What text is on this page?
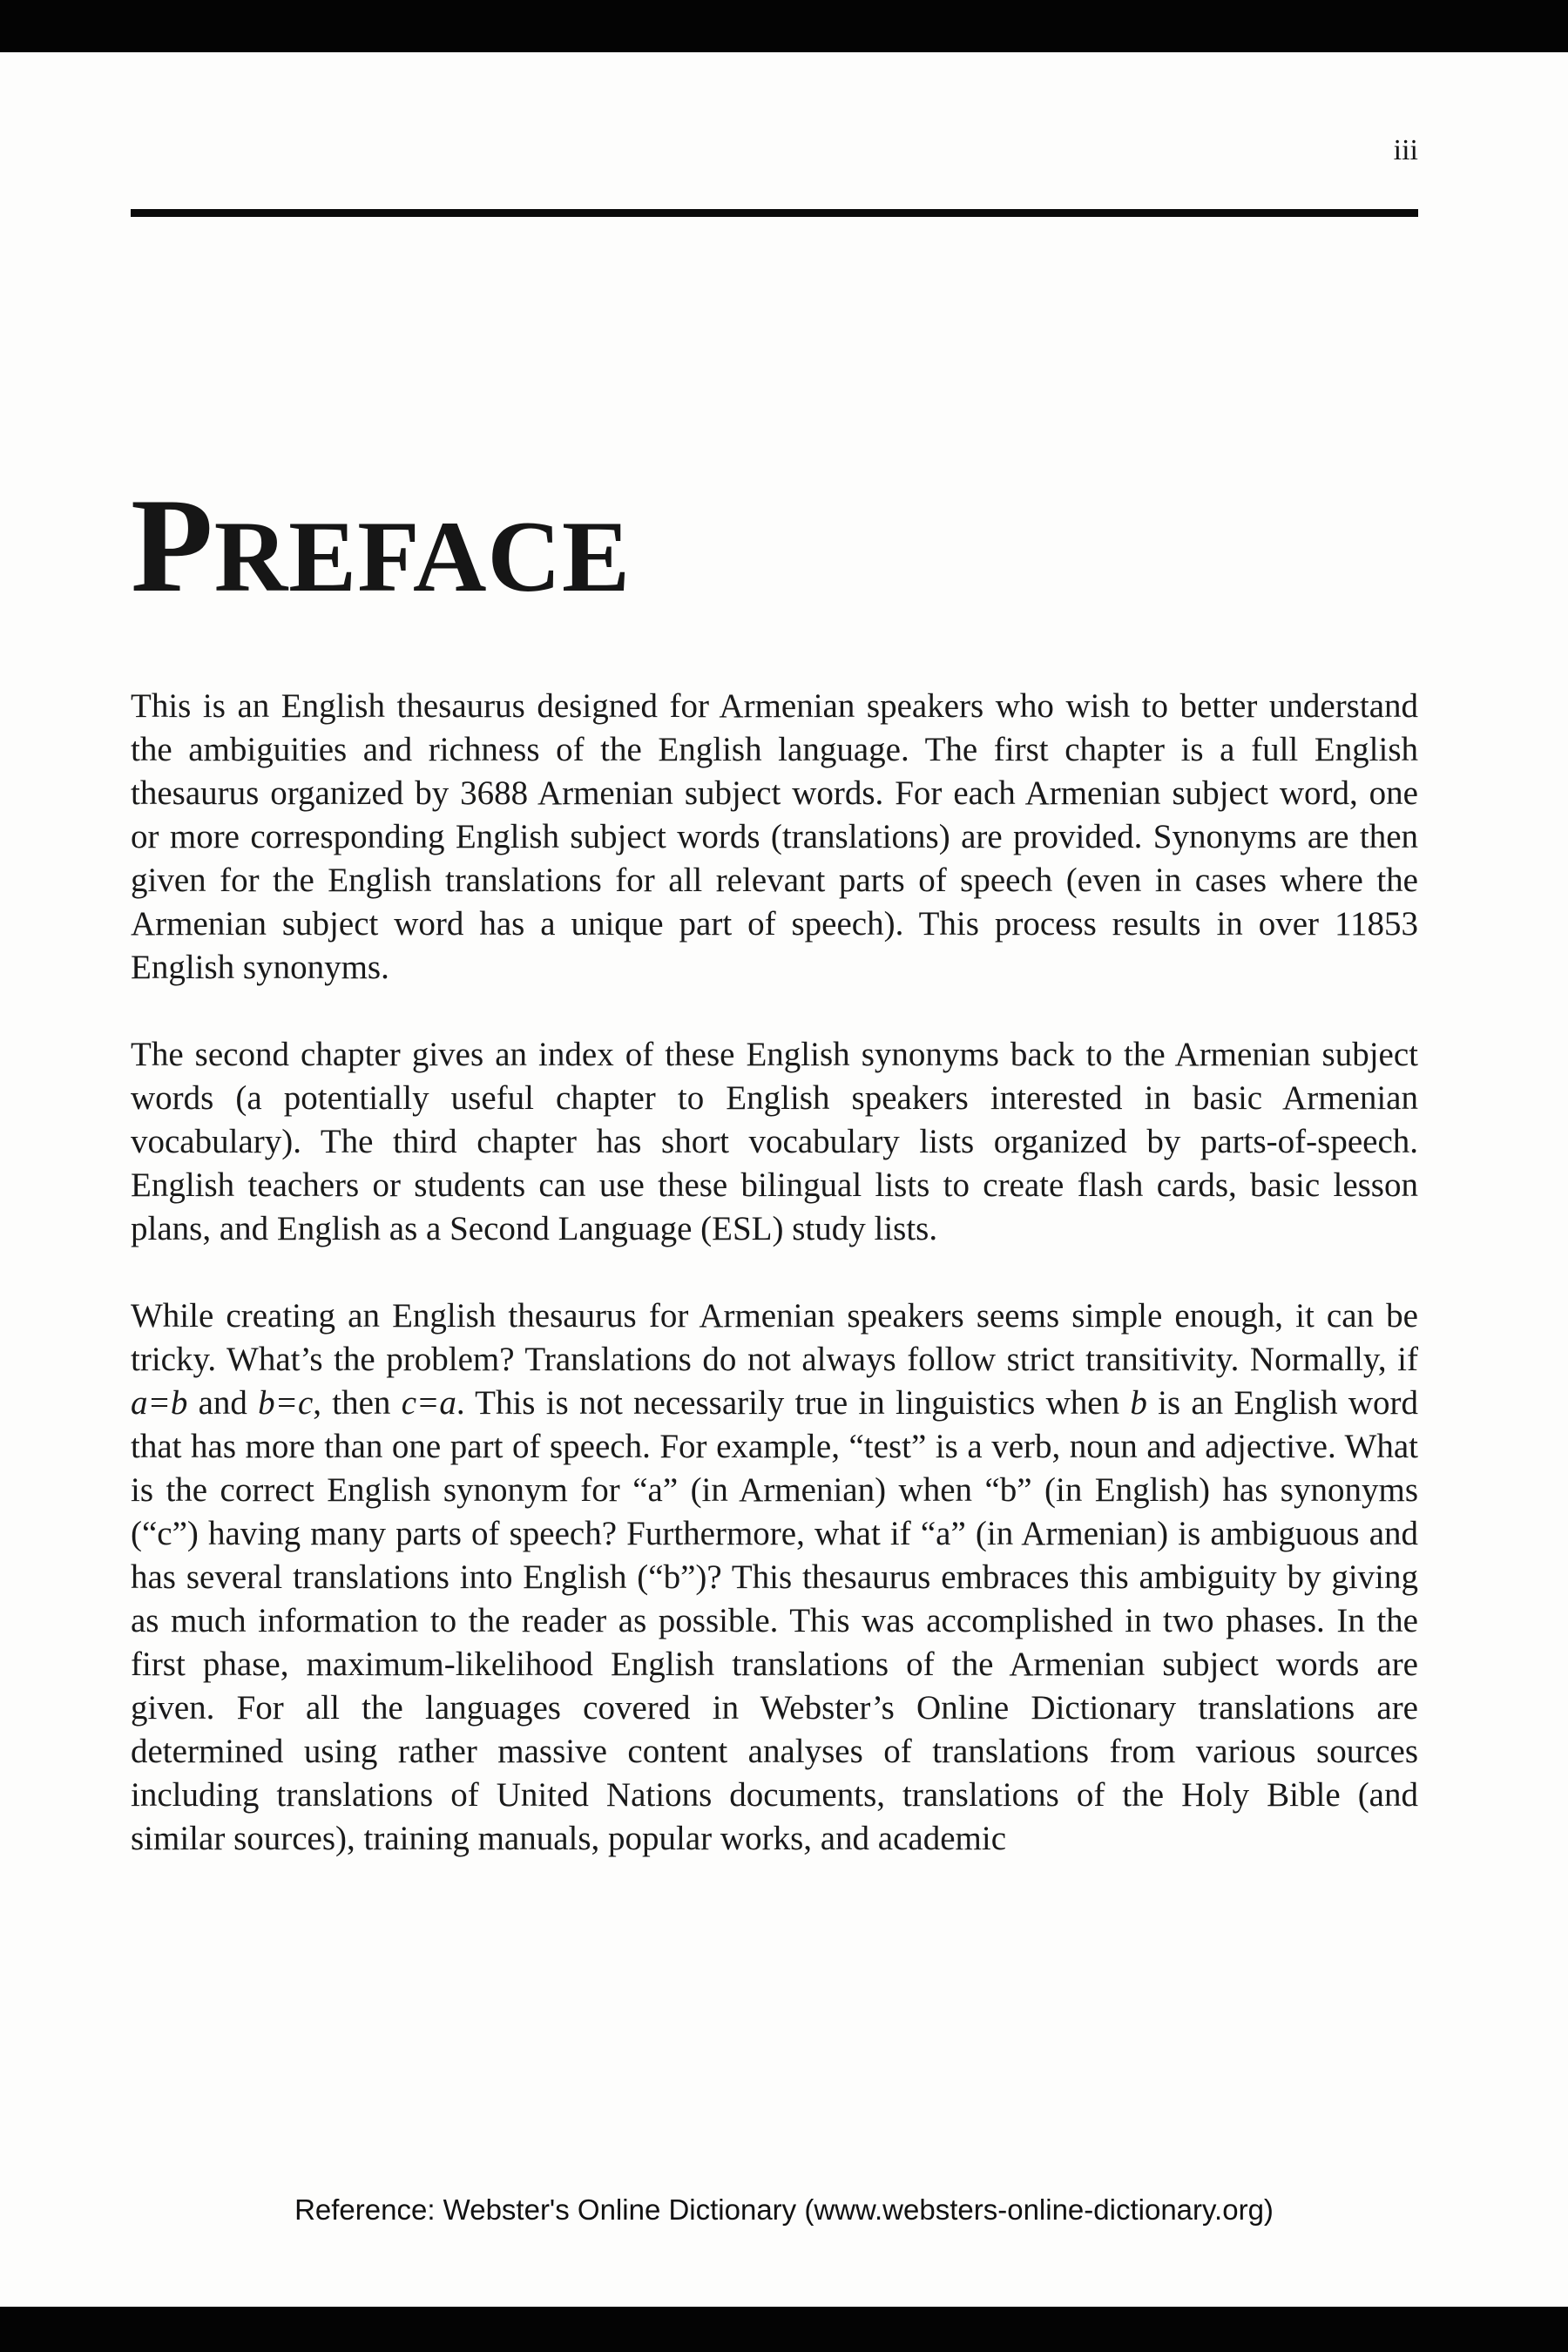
iii
PREFACE

This is an English thesaurus designed for Armenian speakers who wish to better understand the ambiguities and richness of the English language. The first chapter is a full English thesaurus organized by 3688 Armenian subject words. For each Armenian subject word, one or more corresponding English subject words (translations) are provided. Synonyms are then given for the English translations for all relevant parts of speech (even in cases where the Armenian subject word has a unique part of speech). This process results in over 11853 English synonyms.

The second chapter gives an index of these English synonyms back to the Armenian subject words (a potentially useful chapter to English speakers interested in basic Armenian vocabulary). The third chapter has short vocabulary lists organized by parts-of-speech. English teachers or students can use these bilingual lists to create flash cards, basic lesson plans, and English as a Second Language (ESL) study lists.

While creating an English thesaurus for Armenian speakers seems simple enough, it can be tricky. What’s the problem? Translations do not always follow strict transitivity. Normally, if a=b and b=c, then c=a. This is not necessarily true in linguistics when b is an English word that has more than one part of speech. For example, “test” is a verb, noun and adjective. What is the correct English synonym for “a” (in Armenian) when “b” (in English) has synonyms (“c”) having many parts of speech? Furthermore, what if “a” (in Armenian) is ambiguous and has several translations into English (“b”)? This thesaurus embraces this ambiguity by giving as much information to the reader as possible. This was accomplished in two phases. In the first phase, maximum-likelihood English translations of the Armenian subject words are given. For all the languages covered in Webster’s Online Dictionary translations are determined using rather massive content analyses of translations from various sources including translations of United Nations documents, translations of the Holy Bible (and similar sources), training manuals, popular works, and academic

Reference: Webster's Online Dictionary (www.websters-online-dictionary.org)
